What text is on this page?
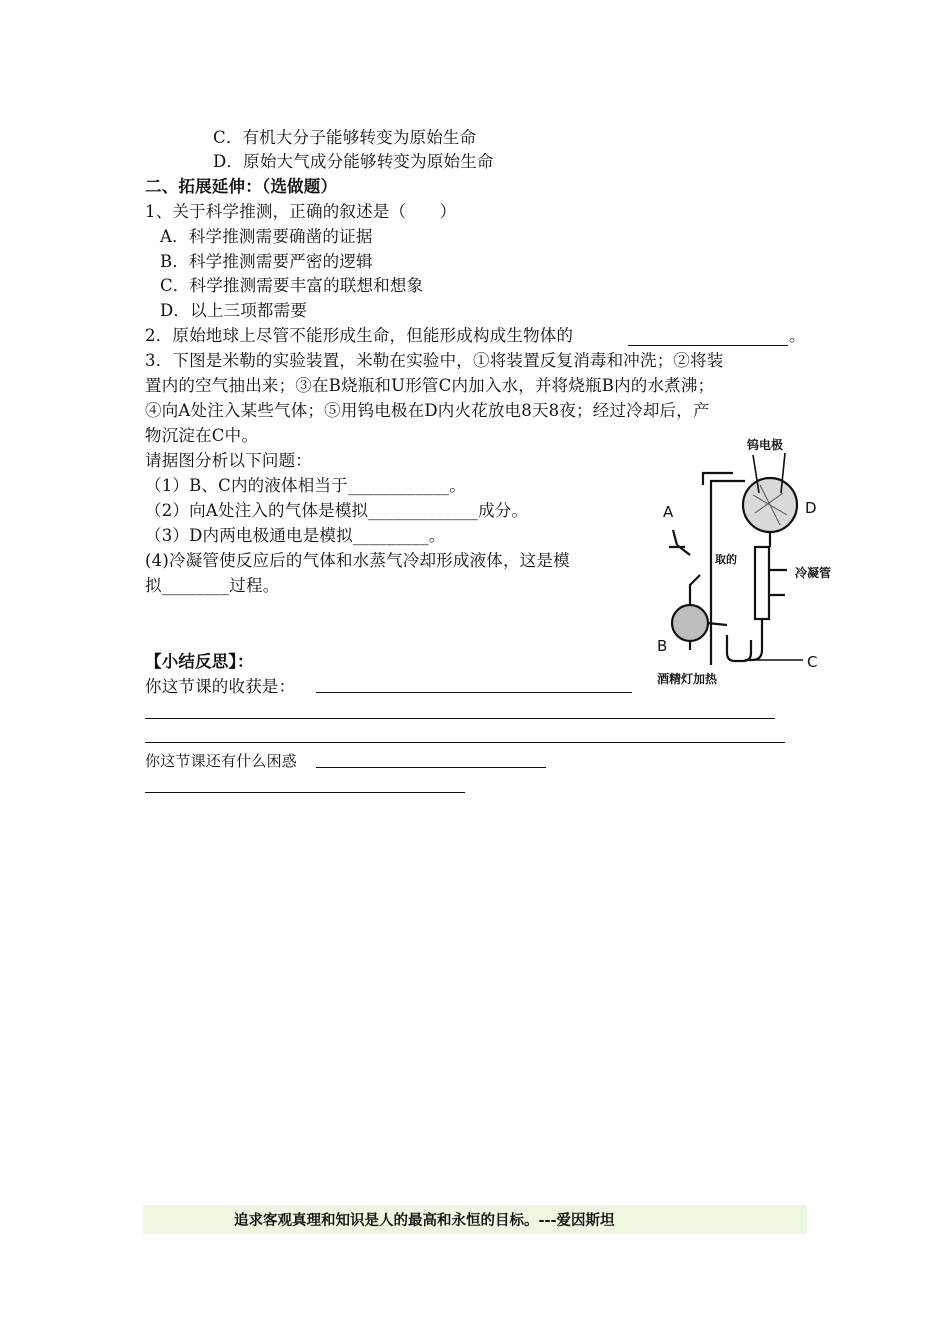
C．有机大分子能够转变为原始生命
D．原始大气成分能够转变为原始生命
二、拓展延伸：（选做题）
1、关于科学推测，正确的叙述是（　　）
A．科学推测需要确凿的证据
B．科学推测需要严密的逻辑
C．科学推测需要丰富的联想和想象
D．以上三项都需要
2．原始地球上尽管不能形成生命，但能形成构成生物体的	。
3．下图是米勒的实验装置，米勒在实验中，①将装置反复消毒和冲洗；②将装
置内的空气抽出来；③在B烧瓶和U形管C内加入水，并将烧瓶B内的水煮沸；
④向A处注入某些气体；⑤用钨电极在D内火花放电8天8夜；经过冷却后，产
物沉淀在C中。
请据图分析以下问题：
（1）B、C内的液体相当于____________。
（2）向A处注入的气体是模拟_____________成分。
（3）D内两电极通电是模拟_________。
(4)冷凝管使反应后的气体和水蒸气冷却形成液体，这是模
拟________过程。
取的
A
B
C
D
钨电极
冷凝管
酒精灯加热
【小结反思】：
你这节课的收获是：
你这节课还有什么困惑
追求客观真理和知识是人的最高和永恒的目标。---爱因斯坦
